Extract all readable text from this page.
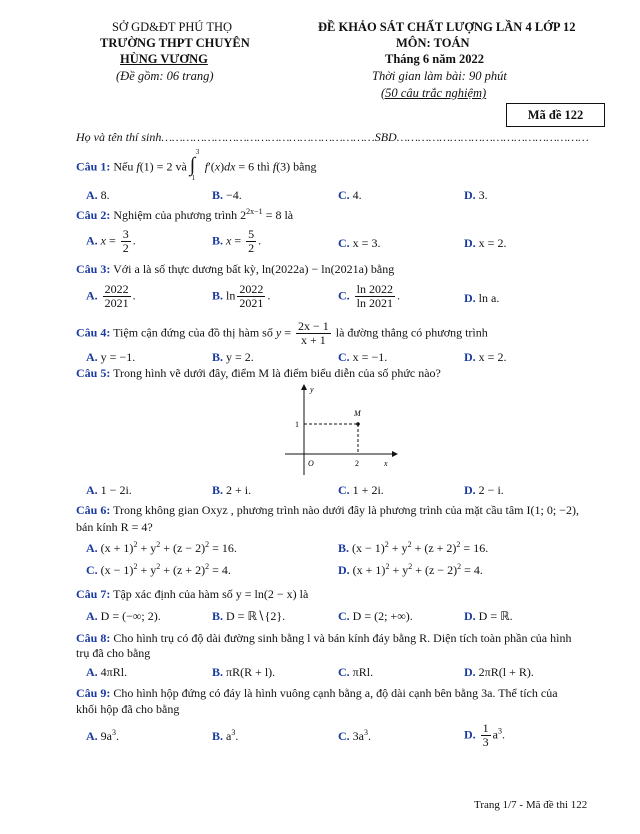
SỞ GD&ĐT PHÚ THỌ
TRƯỜNG THPT CHUYÊN
HÙNG VƯƠNG
(Đề gồm: 06 trang)
ĐỀ KHẢO SÁT CHẤT LƯỢNG LẦN 4 LỚP 12
MÔN: TOÁN
Tháng 6 năm 2022
Thời gian làm bài: 90 phút
(50 câu trắc nghiệm)
Mã đề 122
Họ và tên thí sinh……………………………………………………SBD………………………………………………
Câu 1: Nếu f(1) = 2 và ∫
3
1
f′(x)dx = 6 thì f(3) bằng
A. 8.	B. −4.	C. 4.	D. 3.
Câu 2: Nghiệm của phương trình $2^{2x-1} = 8$ là
A. $x = \frac{3}{2}$ .	B. $x = \frac{5}{2}$ .	C. x = 3.	D. x = 2.
Câu 3: Với a là số thực dương bất kỳ, ln(2022a) − ln(2021a) bằng
A. $\frac{2022}{2021}$ .	B. $\ln \frac{2022}{2021}$ .	C. $\frac{\ln 2022}{\ln 2021}$ .	D. ln a.
Câu 4: Tiệm cận đứng của đồ thị hàm số $y = \frac{2x - 1}{x + 1}$ là đường thẳng có phương trình
A. y = −1.	B. y = 2.	C. x = −1.	D. x = 2.
Câu 5: Trong hình vẽ dưới đây, điểm M là điểm biểu diễn của số phức nào?
y
x
O
M
1
2
A. 1 − 2i.	B. 2 + i.	C. 1 + 2i.	D. 2 − i.
Câu 6: Trong không gian Oxyz , phương trình nào dưới đây là phương trình của mặt cầu tâm I(1; 0; −2),
bán kính R = 4?
A. $(x + 1)^2 + y^2 + (z - 2)^2 = 16$.	B. $(x - 1)^2 + y^2 + (z + 2)^2 = 16$.
C. $(x - 1)^2 + y^2 + (z + 2)^2 = 4$.	D. $(x + 1)^2 + y^2 + (z - 2)^2 = 4$.
Câu 7: Tập xác định của hàm số y = ln(2 − x) là
A. D = (−∞; 2).	B. D = ℝ∖{2}.	C. D = (2; +∞).	D. D = ℝ.
Câu 8: Cho hình trụ có độ dài đường sinh bằng l và bán kính đáy bằng R. Diện tích toàn phần của hình
trụ đã cho bằng
A. 4πRl.	B. πR(R + l).	C. πRl.	D. 2πR(l + R).
Câu 9: Cho hình hộp đứng có đáy là hình vuông cạnh bằng a, độ dài cạnh bên bằng 3a. Thể tích của
khối hộp đã cho bằng
A. $9a^3$.	B. $a^3$.	C. $3a^3$.	D. $\frac{1}{3} a^3$.
Trang 1/7 - Mã đề thi 122
